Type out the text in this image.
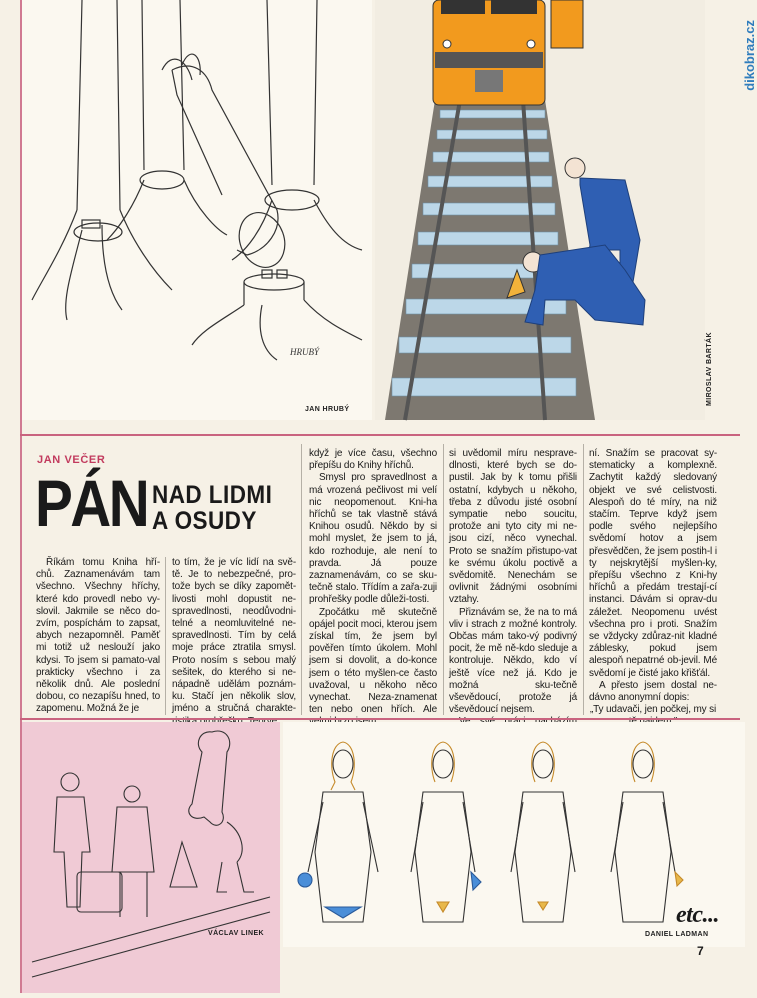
HRUBÝ
JAN HRUBÝ
MIROSLAV BARTÁK
dikobraz.cz
JAN VEČER
PÁN NAD LIDMI
A OSUDY

Říkám tomu Kniha hří-chů. Zaznamenávám tam všechno. Všechny hříchy, které kdo provedl nebo vy-slovil. Jakmile se něco do-zvím, pospíchám to zapsat, abych nezapomněl. Paměť mi totiž už neslouží jako kdysi. To jsem si pamato-val prakticky všechno i za několik dnů. Ale poslední dobou, co nezapíšu hned, to zapomenu. Možná že je

to tím, že je víc lidí na svě-tě. Je to nebezpečné, pro-tože bych se díky zapomět-livosti mohl dopustit ne-spravedlnosti, neodůvodni-telné a neomluvitelné ne-spravedlnosti. Tím by celá moje práce ztratila smysl. Proto nosím s sebou malý sešitek, do kterého si ne-nápadně udělám poznám-ku. Stačí jen několik slov, jméno a stručná charakte-

když je více času, všechno přepíšu do Knihy hříchů.

Smysl pro spravedlnost a má vrozená pečlivost mi velí nic neopomenout. Kni-ha hříchů se tak vlastně stává Knihou osudů. Někdo by si mohl myslet, že jsem to já, kdo rozhoduje, ale není to pravda. Já pouze zaznamenávám, co se sku-tečně stalo. Třídím a zařa-zuji prohřešky podle důleži-tosti.

Zpočátku mě skutečně opájel pocit moci, kterou jsem získal tím, že jsem byl pověřen tímto úkolem. Mohl jsem si dovolit, a do-konce jsem o této myšlen-ce často uvažoval, u někoho něco vynechat. Neza-znamenat ten nebo onen hřích. Ale

si uvědomil míru nesprave-dlnosti, které bych se do-pustil. Jak by k tomu přišli ostatní, kdybych u někoho, třeba z důvodu jisté osobní sympatie nebo soucitu, protože ani tyto city mi ne-jsou cizí, něco vynechal. Proto se snažím přistupo-vat ke svému úkolu poctivě a svědomitě. Nenechám se ovlivnit žádnými osobními vztahy.

Přiznávám se, že na to má vliv i strach z možné kontroly. Občas mám tako-vý podivný pocit, že mě ně-kdo sleduje a kontroluje. Někdo, kdo ví ještě více než já. Kdo je možná sku-tečně vševědoucí, protože já vševědoucí nejsem.

ní. Snažím se pracovat sy-stematicky a komplexně. Zachytit každý sledovaný objekt ve své celistvosti. Alespoň do té míry, na niž stačím. Teprve když jsem podle svého nejlepšího svědomí hotov a jsem přesvědčen, že jsem postih-l i ty nejskrytější myšlen-ky, přepíšu všechno z Kni-hy hříchů a předám trestají-cí instanci. Dávám si oprav-du záležet. Neopomenu uvést všechna pro i proti. Snažím se vždycky zdůraz-nit kladné záblesky, pokud jsem alespoň nepatrné ob-jevil. Mé svědomí je čisté jako křišťál.

A přesto jsem dostal ne-dávno anonymní dopis:

„Ty udavači, jen počkej, my si

VÁCLAV LINEK	DANIEL LADMAN
etc...
7
